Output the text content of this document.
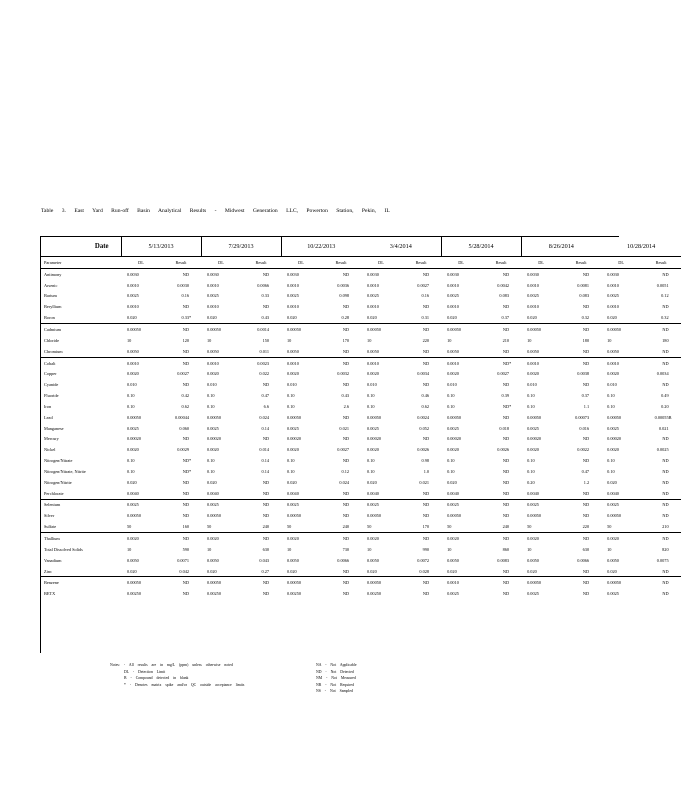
Table 3. East Yard Run-off Basin Analytical Results - Midwest Generation LLC, Powerton Station, Pekin, IL
Date	5/13/2013		7/29/2013		10/22/2013		3/4/2014		5/28/2014		8/26/2014		10/28/2014		
Parameter	DL	Result	DL	Result	DL	Result	DL	Result	DL	Result	DL	Result	DL	Result	
Antimony	0.0030	ND	0.0030	ND	0.0030	ND	0.0030	ND	0.0030	ND	0.0030	ND	0.0030	ND		
Arsenic	0.0010	0.0030	0.0010	0.0066	0.0010	0.0036	0.0010	0.0027	0.0010	0.0042	0.0010	0.0081	0.0010	0.0051		
Barium	0.0025	0.16	0.0025	0.33	0.0025	0.098	0.0025	0.16	0.0025	0.083	0.0025	0.083	0.0025	0.12		
Beryllium	0.0010	ND	0.0010	ND	0.0010	ND	0.0010	ND	0.0010	ND	0.0010	ND	0.0010	ND		
Boron	0.020	0.33*	0.020	0.43	0.020	0.28	0.020	0.31	0.020	0.37	0.020	0.32	0.020	0.32		
Cadmium	0.00050	ND	0.00050	0.0014	0.00050	ND	0.00050	ND	0.00050	ND	0.00050	ND	0.00050	ND		
Chloride	10	120	10	150	10	170	10	220	10	210	10	180	10	180		
Chromium	0.0050	ND	0.0050	0.011	0.0050	ND	0.0050	ND	0.0050	ND	0.0050	ND	0.0050	ND		
Cobalt	0.0010	ND	0.0010	0.0023	0.0010	ND	0.0010	ND	0.0010	ND*	0.0010	ND	0.0010	ND		
Copper	0.0020	0.0027	0.0020	0.022	0.0020	0.0032	0.0020	0.0034	0.0020	0.0027	0.0020	0.0038	0.0020	0.0034		
Cyanide	0.010	ND	0.010	ND	0.010	ND	0.010	ND	0.010	ND	0.010	ND	0.010	ND		
Fluoride	0.10	0.42	0.10	0.47	0.10	0.43	0.10	0.46	0.10	0.39	0.10	0.37	0.10	0.49		
Iron	0.10	0.62	0.10	6.6	0.10	2.6	0.10	0.62	0.10	ND*	0.10	1.1	0.10	0.20		
Lead	0.00050	0.00044	0.00050	0.024	0.00050	ND	0.00050	0.0024	0.00050	ND	0.00050	0.00073	0.00050	0.00055B		
Manganese	0.0025	0.060	0.0025	0.14	0.0025	0.021	0.0025	0.052	0.0025	0.018	0.0025	0.016	0.0025	0.021		
Mercury	0.00020	ND	0.00020	ND	0.00020	ND	0.00020	ND	0.00020	ND	0.00020	ND	0.00020	ND		
Nickel	0.0020	0.0029	0.0020	0.014	0.0020	0.0027	0.0020	0.0026	0.0020	0.0026	0.0020	0.0022	0.0020	0.0025		
Nitrogen/Nitrate	0.10	ND*	0.10	0.14	0.10	ND	0.10	0.98	0.10	ND	0.10	ND	0.10	ND		
Nitrogen/Nitrate, Nitrite	0.10	ND*	0.10	0.14	0.10	0.12	0.10	1.0	0.10	ND	0.10	0.47	0.10	ND		
Nitrogen/Nitrite	0.020	ND	0.020	ND	0.020	0.024	0.020	0.021	0.020	ND	0.20	1.2	0.020	ND		
Perchlorate	0.0040	ND	0.0040	ND	0.0040	ND	0.0040	ND	0.0040	ND	0.0040	ND	0.0040	ND		
Selenium	0.0025	ND	0.0025	ND	0.0025	ND	0.0025	ND	0.0025	ND	0.0025	ND	0.0025	ND		
Silver	0.00050	ND	0.00050	ND	0.00050	ND	0.00050	ND	0.00050	ND	0.00050	ND	0.00050	ND		
Sulfate	50	160	50	240	50	240	50	170	50	240	50	220	50	210		
Thallium	0.0020	ND	0.0020	ND	0.0020	ND	0.0020	ND	0.0020	ND	0.0020	ND	0.0020	ND		
Total Dissolved Solids	10	590	10	630	10	730	10	990	10	860	10	630	10	820		
Vanadium	0.0050	0.0071	0.0050	0.043	0.0050	0.0066	0.0050	0.0072	0.0050	0.0083	0.0050	0.0066	0.0050	0.0075		
Zinc	0.020	0.042	0.020	0.27	0.020	ND	0.020	0.028	0.020	ND	0.020	ND	0.020	ND		
Benzene	0.00050	ND	0.00050	ND	0.00050	ND	0.00050	ND	0.0010	ND	0.00050	ND	0.00050	ND		
BETX	0.00250	ND	0.00250	ND	0.00250	ND	0.00250	ND	0.0025	ND	0.0025	ND	0.0025	ND		
Notes: - All results are in mg/L (ppm) unless otherwise noted
DL - Detection Limit
B - Compound detected in blank
* - Denotes matrix spike and/or QC outside acceptance limits
NA - Not Applicable
ND - Not Detected
NM - Not Measured
NR - Not Required
NS - Not Sampled
